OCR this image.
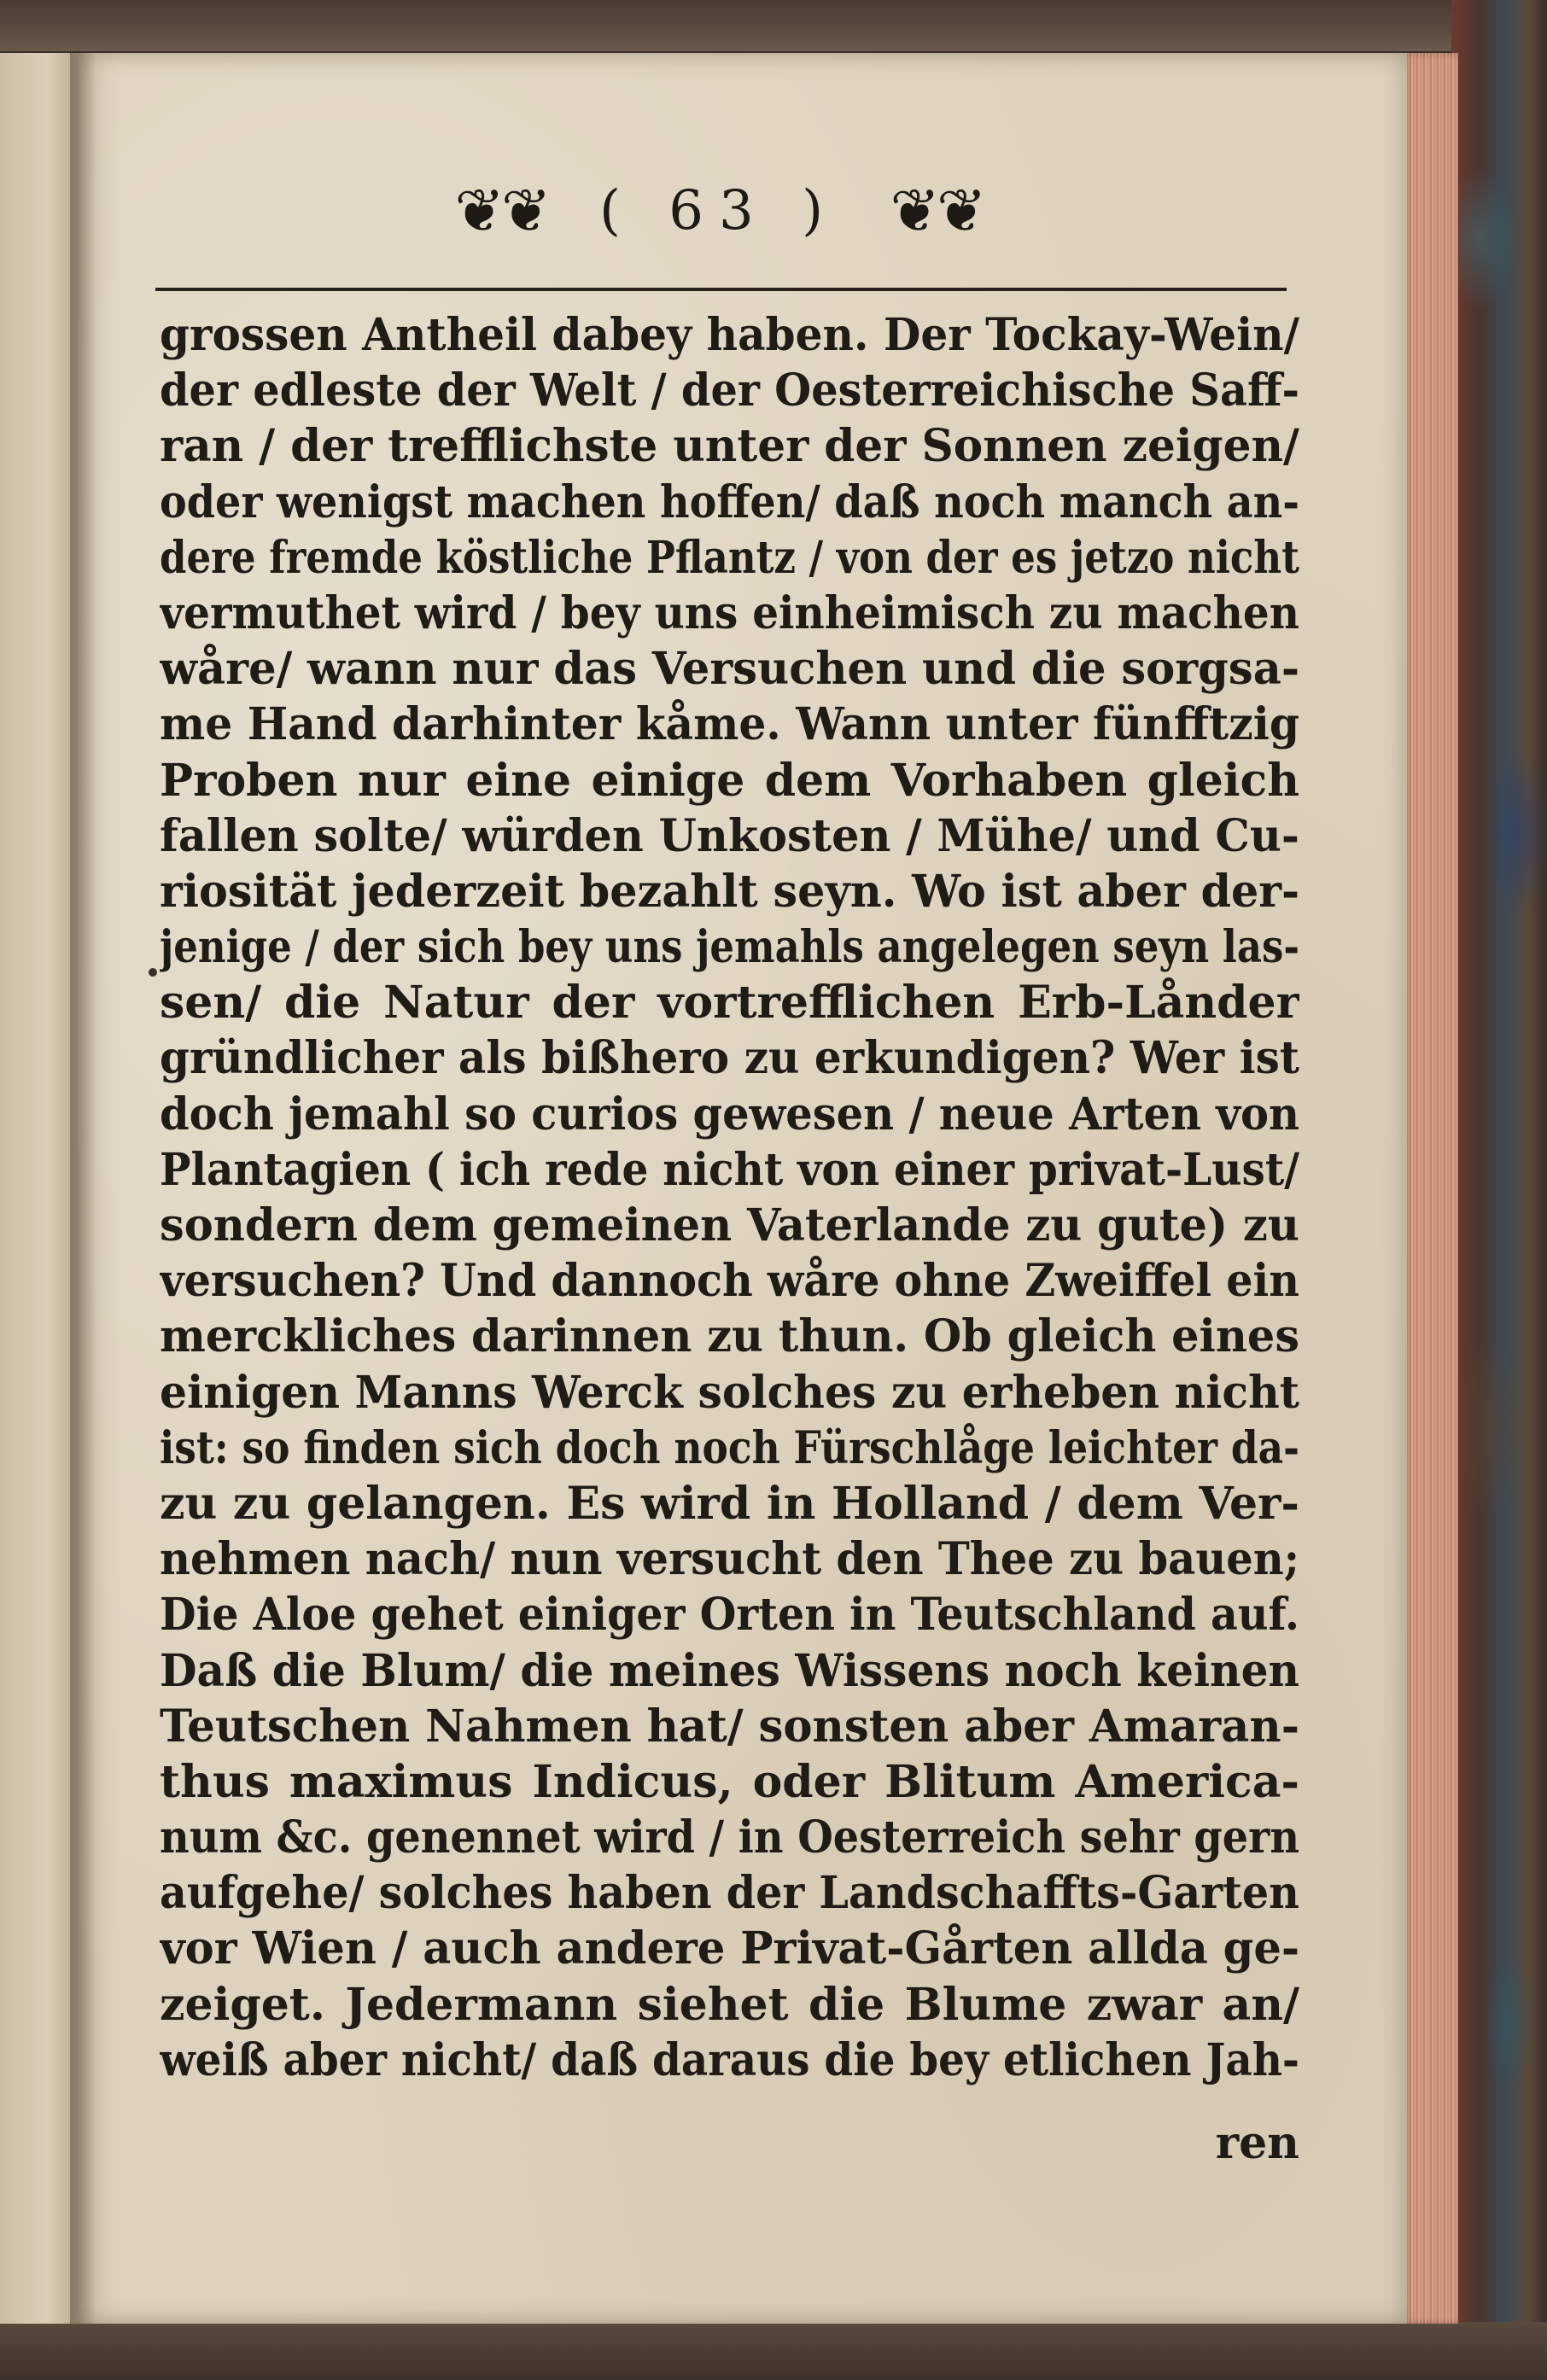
❦❦ ( 63 ) ❦❦
grossen Antheil dabey haben. Der Tockay-Wein/
der edleste der Welt / der Oesterreichische Saff-
ran / der trefflichste unter der Sonnen zeigen/
oder wenigst machen hoffen/ daß noch manch an-
dere fremde köstliche Pflantz / von der es jetzo nicht
vermuthet wird / bey uns einheimisch zu machen
wåre/ wann nur das Versuchen und die sorgsa-
me Hand darhinter kåme. Wann unter fünfftzig
Proben nur eine einige dem Vorhaben gleich
fallen solte/ würden Unkosten / Mühe/ und Cu-
riosität jederzeit bezahlt seyn. Wo ist aber der-
jenige / der sich bey uns jemahls angelegen seyn las-
sen/ die Natur der vortrefflichen Erb-Lånder
gründlicher als bißhero zu erkundigen? Wer ist
doch jemahl so curios gewesen / neue Arten von
Plantagien ( ich rede nicht von einer privat-Lust/
sondern dem gemeinen Vaterlande zu gute) zu
versuchen? Und dannoch wåre ohne Zweiffel ein
merckliches darinnen zu thun. Ob gleich eines
einigen Manns Werck solches zu erheben nicht
ist: so finden sich doch noch Fürschlåge leichter da-
zu zu gelangen. Es wird in Holland / dem Ver-
nehmen nach/ nun versucht den Thee zu bauen;
Die Aloe gehet einiger Orten in Teutschland auf.
Daß die Blum/ die meines Wissens noch keinen
Teutschen Nahmen hat/ sonsten aber Amaran-
thus maximus Indicus, oder Blitum America-
num &c. genennet wird / in Oesterreich sehr gern
aufgehe/ solches haben der Landschaffts-Garten
vor Wien / auch andere Privat-Gårten allda ge-
zeiget. Jedermann siehet die Blume zwar an/
weiß aber nicht/ daß daraus die bey etlichen Jah-
ren
